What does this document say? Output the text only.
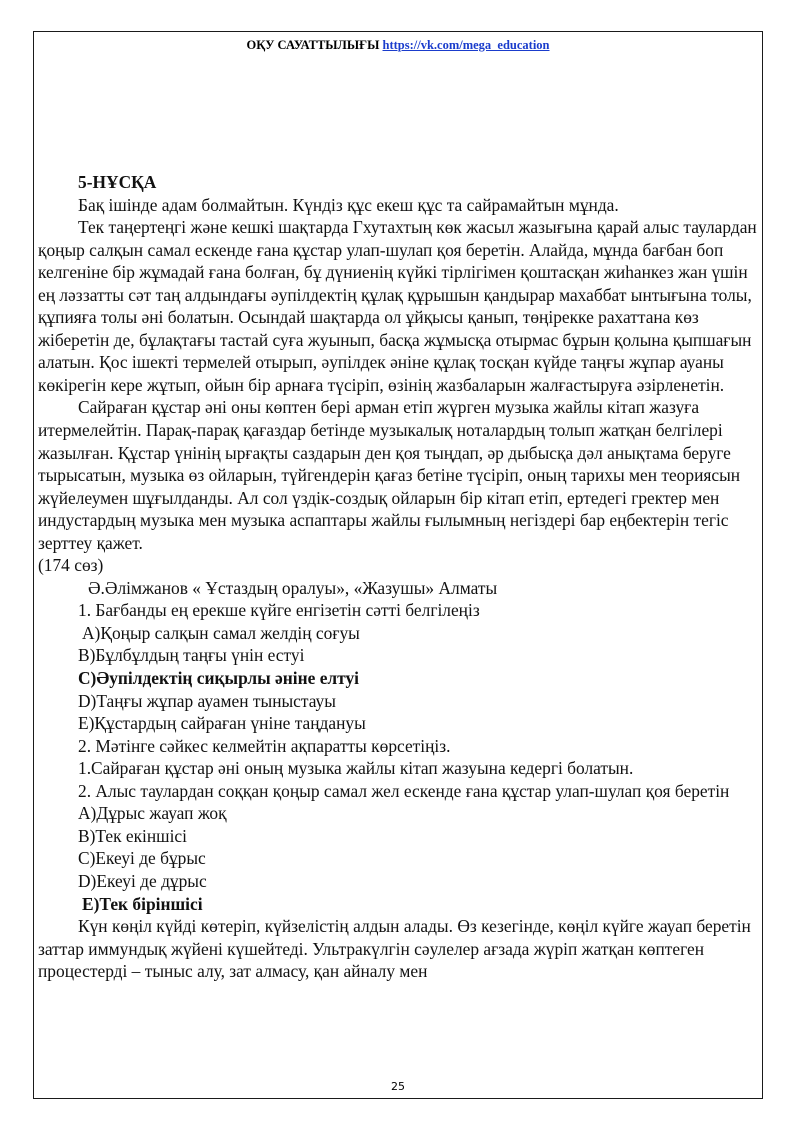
ОҚУ САУАТТЫЛЫҒЫ https://vk.com/mega_education

5-НҰСҚА

Бақ ішінде адам болмайтын. Күндіз құс екеш құс та сайрамайтын мұнда.

Тек таңертеңгі және кешкі шақтарда Гхутахтың көк жасыл жазығына қарай алыс таулардан қоңыр салқын самал ескенде ғана құстар улап-шулап қоя беретін. Алайда, мұнда бағбан боп келгеніне бір жұмадай ғана болған, бұ дүниенің күйкі тірлігімен қоштасқан жиһанкез жан үшін ең ләззатты сәт таң алдындағы әупілдектің құлақ құрышын қандырар махаббат ынтығына толы, құпияға толы әні болатын. Осындай шақтарда ол ұйқысы қанып, төңірекке рахаттана көз жіберетін де, бұлақтағы тастай суға жуынып, басқа жұмысқа отырмас бұрын қолына қыпшағын алатын. Қос ішекті термелей отырып, әупілдек әніне құлақ тосқан күйде таңғы жұпар ауаны көкірегін кере жұтып, ойын бір арнаға түсіріп, өзінің жазбаларын жалғастыруға әзірленетін.

Сайраған құстар әні оны көптен бері арман етіп жүрген музыка жайлы кітап жазуға итермелейтін. Парақ-парақ қағаздар бетінде музыкалық ноталардың толып жатқан белгілері жазылған. Құстар үнінің ырғақты саздарын ден қоя тыңдап, әр дыбысқа дәл анықтама беруге тырысатын, музыка өз ойларын, түйгендерін қағаз бетіне түсіріп, оның тарихы мен теориясын жүйелеумен шұғылданды. Ал сол үздік-создық ойларын бір кітап етіп, ертедегі гректер мен индустардың музыка мен музыка аспаптары жайлы ғылымның негіздері бар еңбектерін тегіс зерттеу қажет.

(174 сөз)

Ә.Әлімжанов « Ұстаздың оралуы», «Жазушы» Алматы

1. Бағбанды ең ерекше күйге енгізетін сәтті белгілеңіз

А)Қоңыр салқын самал желдің соғуы

В)Бұлбұлдың таңғы үнін естуі

С)Әупілдектің сиқырлы әніне елтуі

D)Таңғы жұпар ауамен тыныстауы

Е)Құстардың сайраған үніне таңдануы

2. Мәтінге сәйкес келмейтін ақпаратты көрсетіңіз.

1.Сайраған құстар әні оның музыка жайлы кітап жазуына кедергі болатын.

2. Алыс таулардан соққан қоңыр самал жел ескенде ғана құстар улап-шулап қоя беретін

А)Дұрыс жауап жоқ

В)Тек екіншісі

С)Екеуі де бұрыс

D)Екеуі де дұрыс

Е)Тек біріншісі

Күн көңіл күйді көтеріп, күйзелістің алдын алады. Өз кезегінде, көңіл күйге жауап беретін заттар иммундық жүйені күшейтеді. Ультракүлгін сәулелер ағзада жүріп жатқан көптеген процестерді – тыныс алу, зат алмасу, қан айналу мен

25
